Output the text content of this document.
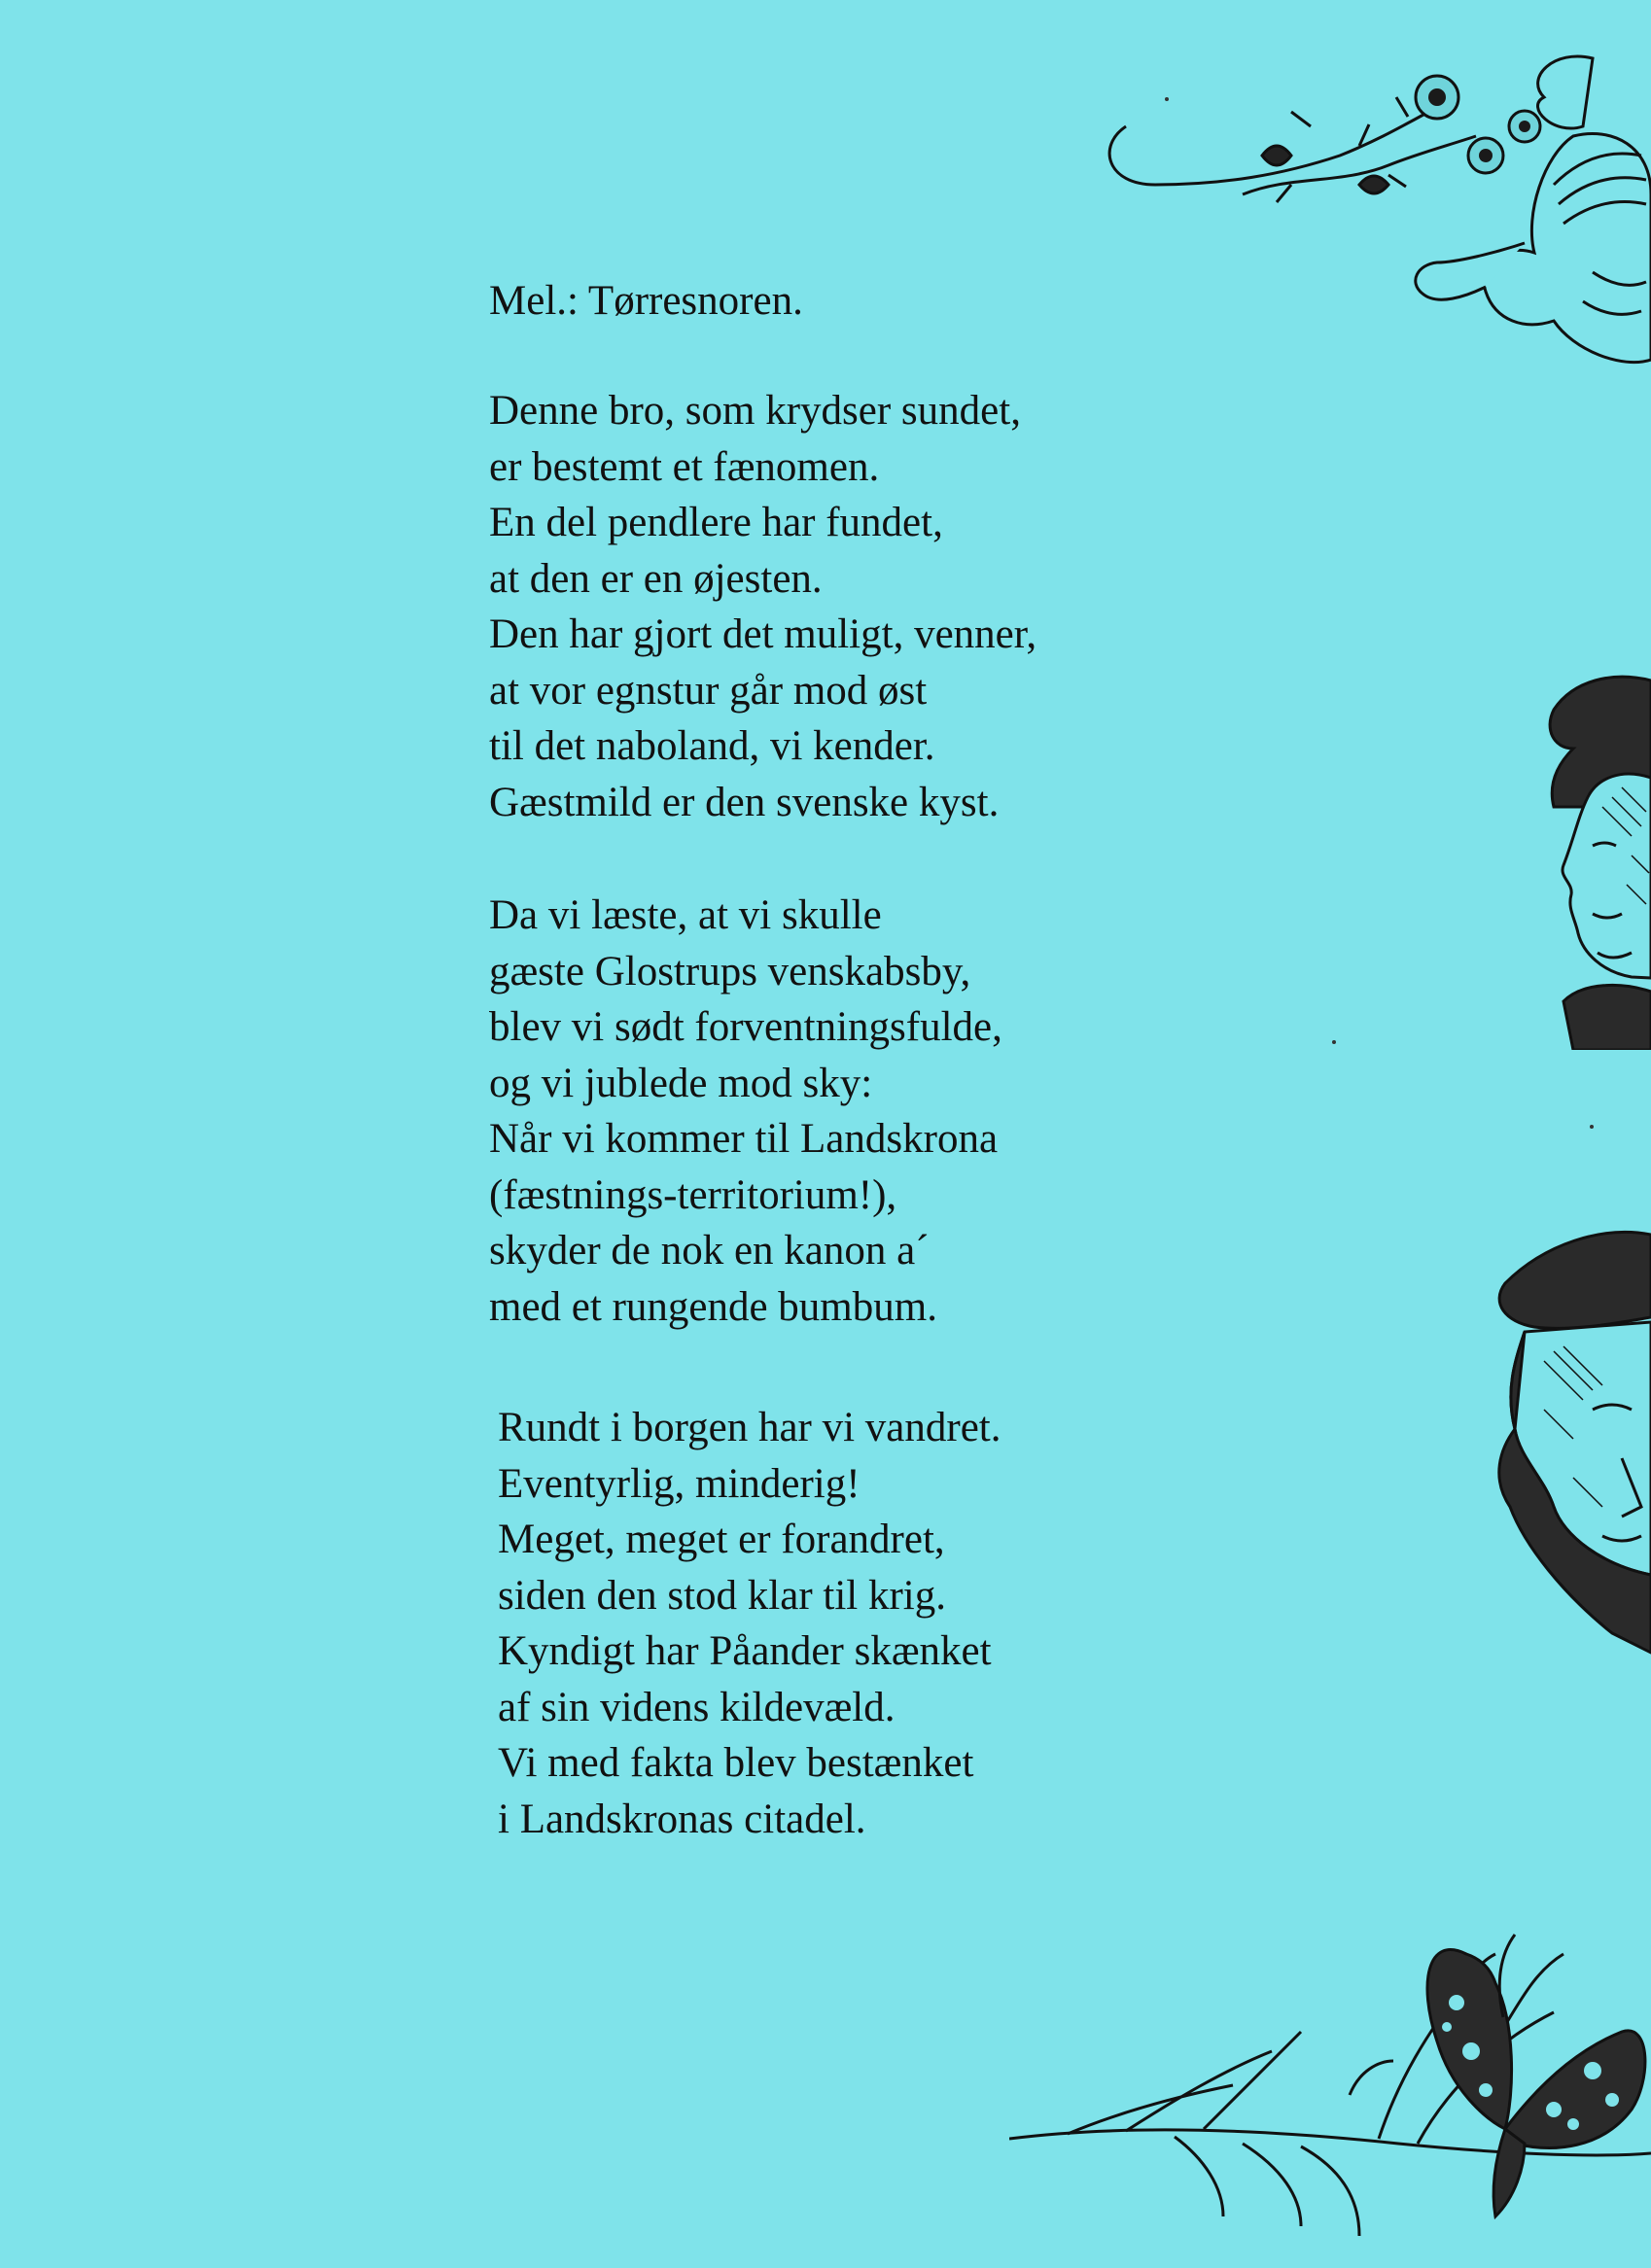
Mel.: Tørresnoren.

Denne bro, som krydser sundet,
er bestemt et fænomen.
En del pendlere har fundet,
at den er en øjesten.
Den har gjort det muligt, venner,
at vor egnstur går mod øst
til det naboland, vi kender.
Gæstmild er den svenske kyst.
Da vi læste, at vi skulle
gæste Glostrups venskabsby,
blev vi sødt forventningsfulde,
og vi jublede mod sky:
Når vi kommer til Landskrona
(fæstnings-territorium!),
skyder de nok en kanon a´
med et rungende bumbum.
Rundt i borgen har vi vandret.
Eventyrlig, minderig!
Meget, meget er forandret,
siden den stod klar til krig.
Kyndigt har Påander skænket
af sin videns kildevæld.
Vi med fakta blev bestænket
i Landskronas citadel.
